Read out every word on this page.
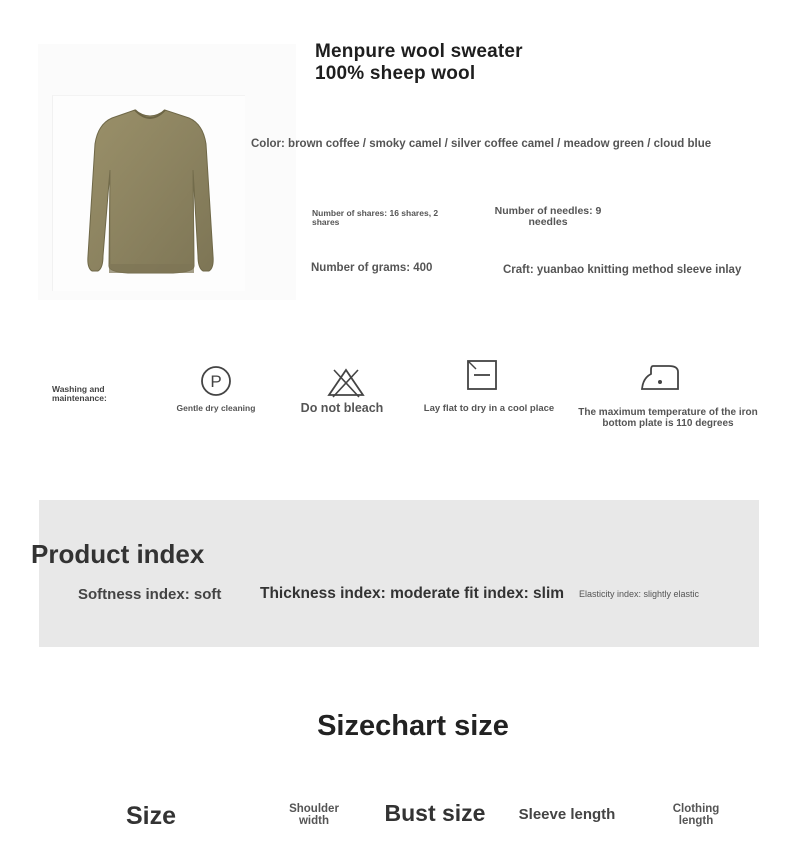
Menpure wool sweater 100% sheep wool
Color: brown coffee / smoky camel / silver coffee camel / meadow green / cloud blue
Number of shares: 16 shares, 2 shares
Number of needles: 9 needles
Number of grams: 400	Craft: yuanbao knitting method sleeve inlay
Washing and maintenance:
P
Gentle dry cleaning	Do not bleach	Lay flat to dry in a cool place	The maximum temperature of the iron bottom plate is 110 degrees
Product index
Softness index: soft Thickness index: moderate fit index: slim Elasticity index: slightly elastic
Sizechart size
Size	Shoulder width	Bust size	Sleeve length	Clothing length
